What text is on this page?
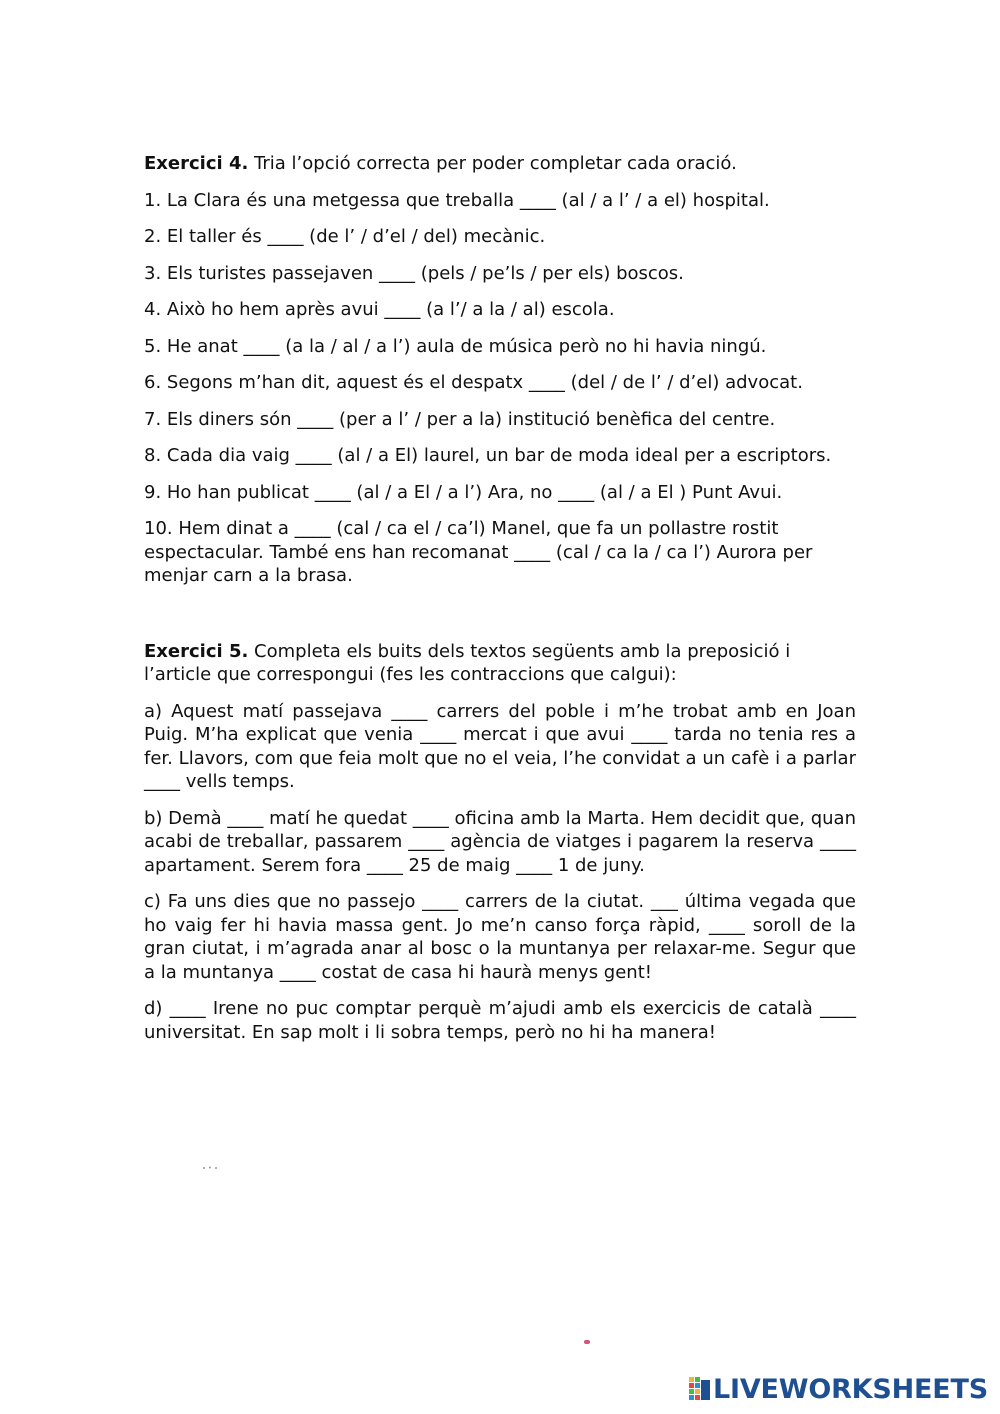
Exercici 4. Tria l’opció correcta per poder completar cada oració.
1. La Clara és una metgessa que treballa ____ (al / a l’ / a el) hospital.
2. El taller és ____ (de l’ / d’el / del) mecànic.
3. Els turistes passejaven ____ (pels / pe’ls / per els) boscos.
4. Això ho hem après avui ____ (a l’/ a la / al) escola.
5. He anat ____ (a la / al / a l’) aula de música però no hi havia ningú.
6. Segons m’han dit, aquest és el despatx ____ (del / de l’ / d’el) advocat.
7. Els diners són ____ (per a l’ / per a la) institució benèfica del centre.
8. Cada dia vaig ____ (al / a El) laurel, un bar de moda ideal per a escriptors.
9. Ho han publicat ____ (al / a El / a l’) Ara, no ____ (al / a El ) Punt Avui.
10. Hem dinat a ____ (cal / ca el / ca’l) Manel, que fa un pollastre rostit espectacular. També ens han recomanat ____ (cal / ca la / ca l’) Aurora per menjar carn a la brasa.
Exercici 5. Completa els buits dels textos següents amb la preposició i l’article que correspongui (fes les contraccions que calgui):
a) Aquest matí passejava ____ carrers del poble i m’he trobat amb en Joan Puig. M’ha explicat que venia ____ mercat i que avui ____ tarda no tenia res a fer. Llavors, com que feia molt que no el veia, l’he convidat a un cafè i a parlar ____ vells temps.
b) Demà ____ matí he quedat ____ oficina amb la Marta. Hem decidit que, quan acabi de treballar, passarem ____ agència de viatges i pagarem la reserva ____ apartament. Serem fora ____ 25 de maig ____ 1 de juny.
c) Fa uns dies que no passejo ____ carrers de la ciutat. ___ última vegada que ho vaig fer hi havia massa gent. Jo me’n canso força ràpid, ____ soroll de la gran ciutat, i m’agrada anar al bosc o la muntanya per relaxar-me. Segur que a la muntanya ____ costat de casa hi haurà menys gent!
d) ____ Irene no puc comptar perquè m’ajudi amb els exercicis de català ____ universitat. En sap molt i li sobra temps, però no hi ha manera!
LIVEWORKSHEETS
